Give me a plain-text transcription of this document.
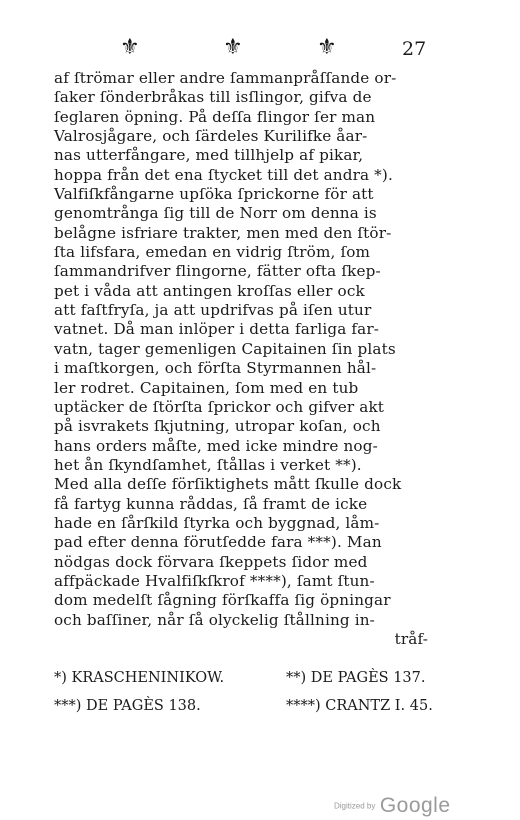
⚜	⚜	⚜	27
af ſtrömar eller andre ſammanpråſſande or-
ſaker ſönderbråkas till isſlingor, gifva de
ſeglaren öpning. På deſſa flingor ſer man
Valrosjågare, och ſärdeles Kurilifke åar-
nas utterfångare, med tillhjelp af pikar,
hoppa från det ena ſtycket till det andra *).
Valfiſkfångarne upſöka ſprickorne för att
genomtrånga ſig till de Norr om denna is
belågne isfriare trakter, men med den ſtör-
ſta lifsfara, emedan en vidrig ſtröm, ſom
ſammandrifver flingorne, fätter ofta ſkep-
pet i våda att antingen kroſſas eller ock
att faſtfryſa, ja att updrifvas på iſen utur
vatnet. Då man inlöper i detta farliga far-
vatn, tager gemenligen Capitainen ſin plats
i maſtkorgen, och förſta Styrmannen hål-
ler rodret. Capitainen, ſom med en tub
uptäcker de ſtörſta ſprickor och gifver akt
på isvrakets ſkjutning, utropar koſan, och
hans orders måſte, med icke mindre nog-
het ån ſkyndſamhet, ſtållas i verket **).
Med alla deſſe förſiktighets mått ſkulle dock
få fartyg kunna råddas, ſå framt de icke
hade en ſårſkild ſtyrka och byggnad, låm-
pad efter denna förutſedde fara ***). Man
nödgas dock förvara ſkeppets ſidor med
affpäckade Hvalfiſkſkrof ****), ſamt ſtun-
dom medelſt ſågning förſkaffa ſig öpningar
och baſſiner, når ſå olyckelig ſtållning in-
tråf-
*) KRASCHENINIKOW.	**) DE PAGÈS 137.
***) DE PAGÈS 138.	****) CRANTZ I. 45.
Digitized by Google
